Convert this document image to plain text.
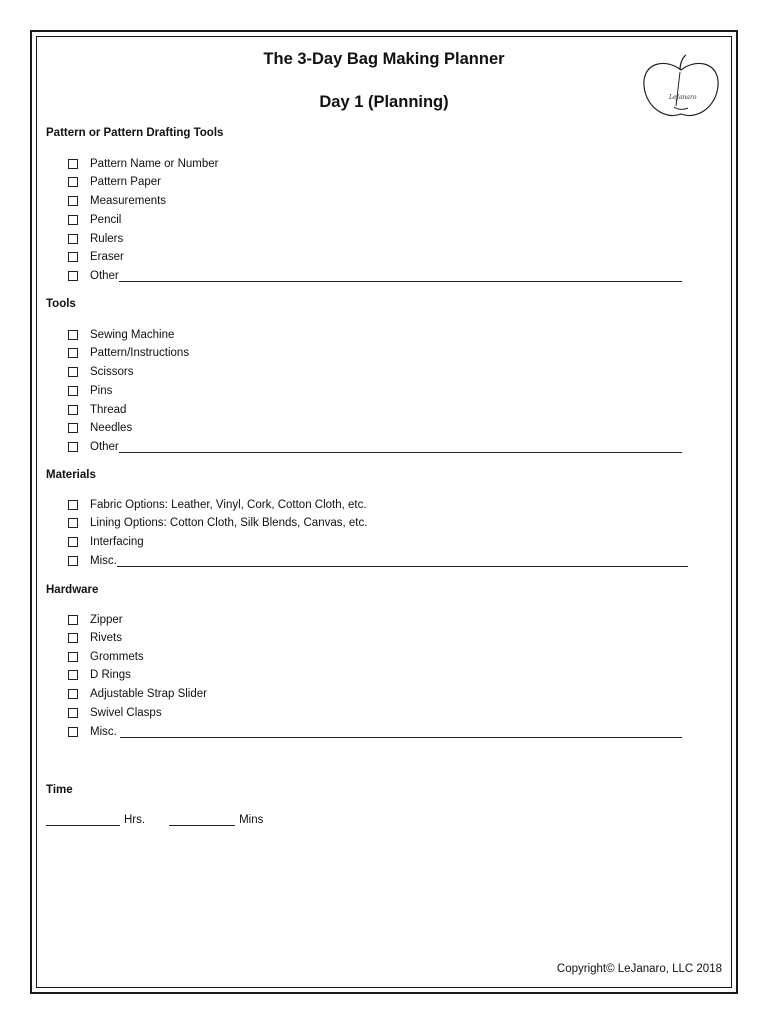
The 3-Day Bag Making Planner
Day 1 (Planning)	LeJanaro
Pattern or Pattern Drafting Tools
Pattern Name or Number
Pattern Paper
Measurements
Pencil
Rulers
Eraser
Other
Tools
Sewing Machine
Pattern/Instructions
Scissors
Pins
Thread
Needles
Other
Materials
Fabric Options: Leather, Vinyl, Cork, Cotton Cloth, etc.
Lining Options: Cotton Cloth, Silk Blends, Canvas, etc.
Interfacing
Misc.
Hardware
Zipper
Rivets
Grommets
D Rings
Adjustable Strap Slider
Swivel Clasps
Misc.
Time
Hrs.	Mins
Copyright© LeJanaro, LLC 2018
